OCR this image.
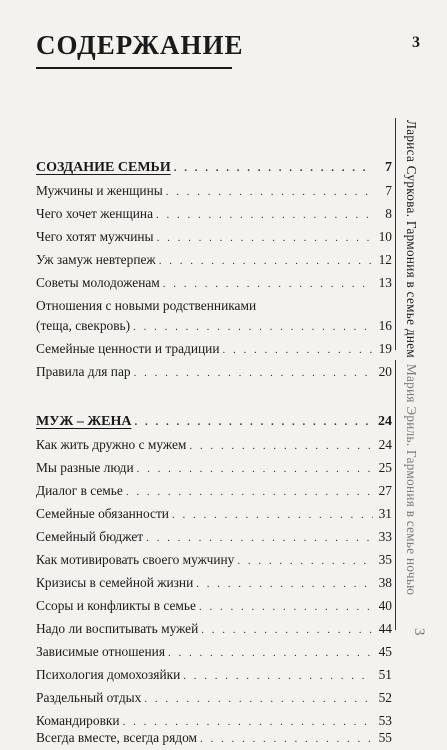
СОДЕРЖАНИЕ	3
СОЗДАНИЕ СЕМЬИ . . .	7
Мужчины и женщины . . .	7
Чего хочет женщина . . .	8
Чего хотят мужчины . . .	10
Уж замуж невтерпеж . . .	12
Советы молодоженам . . .	13
Отношения с новыми родственниками
(теща, свекровь) . . .	16
Семейные ценности и традиции . . .	19
Правила для пар . . .	20
МУЖ – ЖЕНА . . .	24
Как жить дружно с мужем . . .	24
Мы разные люди . . .	25
Диалог в семье . . .	27
Семейные обязанности . . .	31
Семейный бюджет . . .	33
Как мотивировать своего мужчину . . .	35
Кризисы в семейной жизни . . .	38
Ссоры и конфликты в семье . . .	40
Надо ли воспитывать мужей . . .	44
Зависимые отношения . . .	45
Психология домохозяйки . . .	51
Раздельный отдых . . .	52
Командировки . . .	53
Всегда вместе, всегда рядом . . .	55
Лариса Суркова. Гармония в семье днем
Мария Эриль. Гармония в семье ночью
3
